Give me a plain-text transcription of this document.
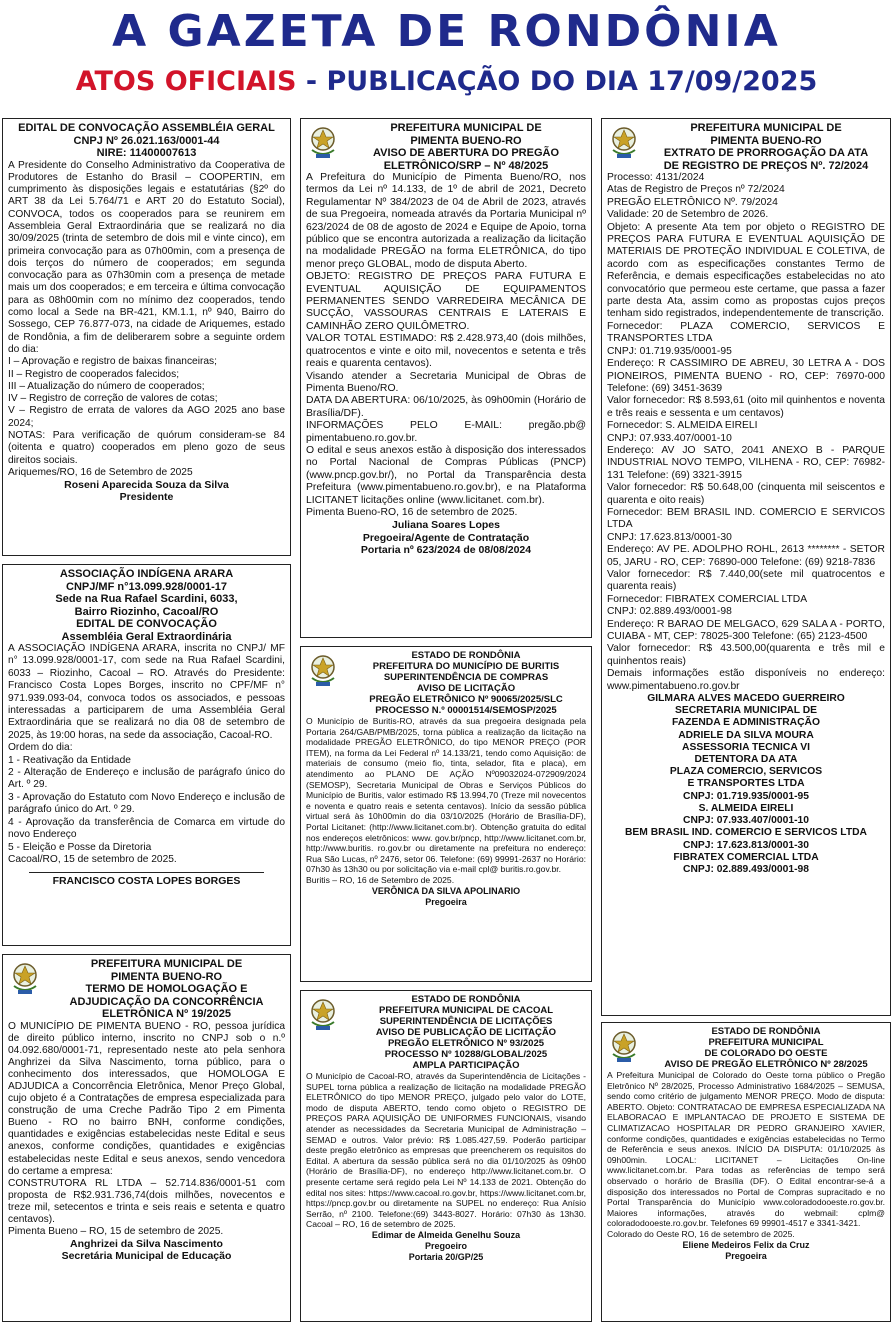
A GAZETA DE RONDÔNIA
ATOS OFICIAIS - PUBLICAÇÃO DO DIA 17/09/2025
EDITAL DE CONVOCAÇÃO ASSEMBLÉIA GERAL
CNPJ Nº 26.021.163/0001-44
NIRE: 11400007613

A Presidente do Conselho Administrativo da Cooperativa de Produtores de Estanho do Brasil – COOPERTIN, em cumprimento às disposições legais e estatutárias (§2º do ART 38 da Lei 5.764/71 e ART 20 do Estatuto Social), CONVOCA, todos os cooperados para se reunirem em Assembleia Geral Extraordinária que se realizará no dia 30/09/2025 (trinta de setembro de dois mil e vinte cinco), em primeira convocação para as 07h00min, com a presença de dois terços do número de cooperados; em segunda convocação para as 07h30min com a presença de metade mais um dos cooperados; e em terceira e última convocação para as 08h00min com no mínimo dez cooperados, tendo como local a Sede na BR-421, KM.1.1, nº 940, Bairro do Sossego, CEP 76.877-073, na cidade de Ariquemes, estado de Rondônia, a fim de deliberarem sobre a seguinte ordem do dia:

I – Aprovação e registro de baixas financeiras;

II – Registro de cooperados falecidos;

III – Atualização do número de cooperados;

IV – Registro de correção de valores de cotas;

V – Registro de errata de valores da AGO 2025 ano base 2024;

NOTAS: Para verificação de quórum consideram-se 84 (oitenta e quatro) cooperados em pleno gozo de seus direitos sociais.

Ariquemes/RO, 16 de Setembro de 2025

Roseni Aparecida Souza da Silva
Presidente
ASSOCIAÇÃO INDÍGENA ARARA
CNPJ/MF n°13.099.928/0001-17
Sede na Rua Rafael Scardini, 6033,
Bairro Riozinho, Cacoal/RO
EDITAL DE CONVOCAÇÃO
Assembléia Geral Extraordinária

A ASSOCIAÇÃO INDÍGENA ARARA, inscrita no CNPJ/ MF n° 13.099.928/0001-17, com sede na Rua Rafael Scardini, 6033 – Riozinho, Cacoal – RO. Através do Presidente: Francisco Costa Lopes Borges, inscrito no CPF/MF n° 971.939.093-04, convoca todos os associados, e pessoas interessadas a participarem de uma Assembléia Geral Extraordinária que se realizará no dia 08 de setembro de 2025, às 19:00 horas, na sede da associação, Cacoal-RO.

Ordem do dia:

1 - Reativação da Entidade

2 - Alteração de Endereço e inclusão de parágrafo único do Art. º 29.

3 - Aprovação do Estatuto com Novo Endereço e inclusão de parágrafo único do Art. º 29.

4 - Aprovação da transferência de Comarca em virtude do novo Endereço

5 - Eleição e Posse da Diretoria

Cacoal/RO, 15 de setembro de 2025.

FRANCISCO COSTA LOPES BORGES
PREFEITURA MUNICIPAL DE
PIMENTA BUENO-RO
TERMO DE HOMOLOGAÇÃO E
ADJUDICAÇÃO DA CONCORRÊNCIA
ELETRÔNICA Nº 19/2025

O MUNICÍPIO DE PIMENTA BUENO - RO, pessoa jurídica de direito público interno, inscrito no CNPJ sob o n.º 04.092.680/0001-71, representado neste ato pela senhora Anghrizei da Silva Nascimento, torna público, para o conhecimento dos interessados, que HOMOLOGA E ADJUDICA a Concorrência Eletrônica, Menor Preço Global, cujo objeto é a Contratações de empresa especializada para construção de uma Creche Padrão Tipo 2 em Pimenta Bueno - RO no bairro BNH, conforme condições, quantidades e exigências estabelecidas neste Edital e seus anexos, conforme condições, quantidades e exigências estabelecidas neste Edital e seus anexos, sendo vencedora do certame a empresa:

CONSTRUTORA RL LTDA – 52.714.836/0001-51 com proposta de R$2.931.736,74(dois milhões, novecentos e treze mil, setecentos e trinta e seis reais e setenta e quatro centavos).

Pimenta Bueno – RO, 15 de setembro de 2025.

Anghrizei da Silva Nascimento
Secretária Municipal de Educação
PREFEITURA MUNICIPAL DE
PIMENTA BUENO-RO
AVISO DE ABERTURA DO PREGÃO
ELETRÔNICO/SRP – Nº 48/2025

A Prefeitura do Município de Pimenta Bueno/RO, nos termos da Lei nº 14.133, de 1º de abril de 2021, Decreto Regulamentar Nº 384/2023 de 04 de Abril de 2023, através de sua Pregoeira, nomeada através da Portaria Municipal nº 623/2024 de 08 de agosto de 2024 e Equipe de Apoio, torna público que se encontra autorizada a realização da licitação na modalidade PREGÃO na forma ELETRÔNICA, do tipo menor preço GLOBAL, modo de disputa Aberto.

OBJETO: REGISTRO DE PREÇOS PARA FUTURA E EVENTUAL AQUISIÇÃO DE EQUIPAMENTOS PERMANENTES SENDO VARREDEIRA MECÂNICA DE SUCÇÃO, VASSOURAS CENTRAIS E LATERAIS E CAMINHÃO ZERO QUILÔMETRO.

VALOR TOTAL ESTIMADO: R$ 2.428.973,40 (dois milhões, quatrocentos e vinte e oito mil, novecentos e setenta e três reais e quarenta centavos).

Visando atender a Secretaria Municipal de Obras de Pimenta Bueno/RO.

DATA DA ABERTURA: 06/10/2025, às 09h00min (Horário de Brasília/DF).

INFORMAÇÕES PELO E-MAIL: pregão.pb@ pimentabueno.ro.gov.br.

O edital e seus anexos estão à disposição dos interessados no Portal Nacional de Compras Públicas (PNCP) (www.pncp.gov.br/), no Portal da Transparência desta Prefeitura (www.pimentabueno.ro.gov.br), e na Plataforma LICITANET licitações online (www.licitanet. com.br).

Pimenta Bueno-RO, 16 de setembro de 2025.

Juliana Soares Lopes
Pregoeira/Agente de Contratação
Portaria nº 623/2024 de 08/08/2024
ESTADO DE RONDÔNIA
PREFEITURA DO MUNICÍPIO DE BURITIS
SUPERINTENDÊNCIA DE COMPRAS
AVISO DE LICITAÇÃO
PREGÃO ELETRÔNICO Nº 90065/2025/SLC
PROCESSO N.º 00001514/SEMOSP/2025

O Município de Buritis-RO, através da sua pregoeira designada pela Portaria 264/GAB/PMB/2025, torna pública a realização da licitação na modalidade PREGÃO ELETRÔNICO, do tipo MENOR PREÇO (POR ITEM), na forma da Lei Federal nº 14.133/21, tendo como Aquisição: de materiais de consumo (meio fio, tinta, selador, fita e placa), em atendimento ao PLANO DE AÇÃO Nº09032024-072909/2024 (SEMOSP), Secretaria Municipal de Obras e Serviços Públicos do Município de Buritis, valor estimado R$ 13.994,70 (Treze mil novecentos e noventa e quatro reais e setenta centavos). Início da sessão pública virtual será às 10h00min do dia 03/10/2025 (Horário de Brasília-DF), Portal Licitanet: (http://www.licitanet.com.br). Obtenção gratuita do edital nos endereços eletrônicos: www. gov.br/pncp, http://www.licitanet.com.br, http://www.buritis. ro.gov.br ou diretamente na prefeitura no endereço: Rua São Lucas, nº 2476, setor 06. Telefone: (69) 99991-2637 no Horário: 07h30 às 13h30 ou por solicitação via e-mail cpl@ buritis.ro.gov.br.

Buritis – RO, 16 de Setembro de 2025.

VERÔNICA DA SILVA APOLINARIO
Pregoeira
ESTADO DE RONDÔNIA
PREFEITURA MUNICIPAL DE CACOAL
SUPERINTENDÊNCIA DE LICITAÇÕES
AVISO DE PUBLICAÇÃO DE LICITAÇÃO
PREGÃO ELETRÔNICO Nº 93/2025
PROCESSO Nº 10288/GLOBAL/2025
AMPLA PARTICIPAÇÃO

O Município de Cacoal-RO, através da Superintendência de Licitações - SUPEL torna pública a realização de licitação na modalidade PREGÃO ELETRÔNICO do tipo MENOR PREÇO, julgado pelo valor do LOTE, modo de disputa ABERTO, tendo como objeto o REGISTRO DE PREÇOS PARA AQUISIÇÃO DE UNIFORMES FUNCIONAIS, visando atender as necessidades da Secretaria Municipal de Administração – SEMAD e outros. Valor prévio: R$ 1.085.427,59. Poderão participar deste pregão eletrônico as empresas que preencherem os requisitos do Edital. A abertura da sessão pública será no dia 01/10/2025 às 09h00 (Horário de Brasília-DF), no endereço http://www.licitanet.com.br. O presente certame será regido pela Lei Nº 14.133 de 2021. Obtenção do edital nos sites: https://www.cacoal.ro.gov.br, https://www.licitanet.com.br, https://pncp.gov.br ou diretamente na SUPEL no endereço: Rua Anísio Serrão, nº 2100. Telefone:(69) 3443-8027. Horário: 07h30 às 13h30. Cacoal – RO, 16 de setembro de 2025.

Edimar de Almeida Genelhu Souza
Pregoeiro
Portaria 20/GP/25
PREFEITURA MUNICIPAL DE
PIMENTA BUENO-RO
EXTRATO DE PRORROGAÇÃO DA ATA
DE REGISTRO DE PREÇOS Nº. 72/2024

Processo: 4131/2024

Atas de Registro de Preços nº 72/2024

PREGÃO ELETRÔNICO Nº. 79/2024

Validade: 20 de Setembro de 2026.

Objeto: A presente Ata tem por objeto o REGISTRO DE PREÇOS PARA FUTURA E EVENTUAL AQUISIÇÃO DE MATERIAIS DE PROTEÇÃO INDIVIDUAL E COLETIVA, de acordo com as especificações constantes Termo de Referência, e demais especificações estabelecidas no ato convocatório que permeou este certame, que passa a fazer parte desta Ata, assim como as propostas cujos preços tenham sido registrados, independentemente de transcrição.

Fornecedor: PLAZA COMERCIO, SERVICOS E TRANSPORTES LTDA

CNPJ: 01.719.935/0001-95

Endereço: R CASSIMIRO DE ABREU, 30 LETRA A - DOS PIONEIROS, PIMENTA BUENO - RO, CEP: 76970-000 Telefone: (69) 3451-3639

Valor fornecedor: R$ 8.593,61 (oito mil quinhentos e noventa e três reais e sessenta e um centavos)

Fornecedor: S. ALMEIDA EIRELI

CNPJ: 07.933.407/0001-10

Endereço: AV JO SATO, 2041 ANEXO B - PARQUE INDUSTRIAL NOVO TEMPO, VILHENA - RO, CEP: 76982-131 Telefone: (69) 3321-3915

Valor fornecedor: R$ 50.648,00 (cinquenta mil seiscentos e quarenta e oito reais)

Fornecedor: BEM BRASIL IND. COMERCIO E SERVICOS LTDA

CNPJ: 17.623.813/0001-30

Endereço: AV PE. ADOLPHO ROHL, 2613 ******** - SETOR 05, JARU - RO, CEP: 76890-000 Telefone: (69) 9218-7836

Valor fornecedor: R$ 7.440,00(sete mil quatrocentos e quarenta reais)

Fornecedor: FIBRATEX COMERCIAL LTDA

CNPJ: 02.889.493/0001-98

Endereço: R BARAO DE MELGACO, 629 SALA A - PORTO, CUIABA - MT, CEP: 78025-300 Telefone: (65) 2123-4500

Valor fornecedor: R$ 43.500,00(quarenta e três mil e quinhentos reais)

Demais informações estão disponíveis no endereço: www.pimentabueno.ro.gov.br

GILMARA ALVES MACEDO GUERREIRO
SECRETARIA MUNICIPAL DE
FAZENDA E ADMINISTRAÇÃO
ADRIELE DA SILVA MOURA
ASSESSORIA TECNICA VI
DETENTORA DA ATA
PLAZA COMERCIO, SERVICOS
E TRANSPORTES LTDA
CNPJ: 01.719.935/0001-95
S. ALMEIDA EIRELI
CNPJ: 07.933.407/0001-10
BEM BRASIL IND. COMERCIO E SERVICOS LTDA
CNPJ: 17.623.813/0001-30
FIBRATEX COMERCIAL LTDA
CNPJ: 02.889.493/0001-98
ESTADO DE RONDÔNIA
PREFEITURA MUNICIPAL
DE COLORADO DO OESTE
AVISO DE PREGÃO ELETRÔNICO Nº 28/2025

A Prefeitura Municipal de Colorado do Oeste torna público o Pregão Eletrônico Nº 28/2025, Processo Administrativo 1684/2025 – SEMUSA, sendo como critério de julgamento MENOR PREÇO. Modo de disputa: ABERTO. Objeto: CONTRATACAO DE EMPRESA ESPECIALIZADA NA ELABORACAO E IMPLANTACAO DE PROJETO E SISTEMA DE CLIMATIZACAO HOSPITALAR DR PEDRO GRANJEIRO XAVIER, conforme condições, quantidades e exigências estabelecidas no Termo de Referência e seus anexos. INÍCIO DA DISPUTA: 01/10/2025 às 09h00min. LOCAL: LICITANET – Licitações On-line www.licitanet.com.br. Para todas as referências de tempo será observado o horário de Brasília (DF). O Edital encontrar-se-á a disposição dos interessados no Portal de Compras supracitado e no Portal Transparência do Município www.coloradodooeste.ro.gov.br. Maiores informações, através do webmail: cplm@ coloradodooeste.ro.gov.br. Telefones 69 99901-4517 e 3341-3421.

Colorado do Oeste RO, 16 de setembro de 2025.

Eliene Medeiros Felix da Cruz
Pregoeira
